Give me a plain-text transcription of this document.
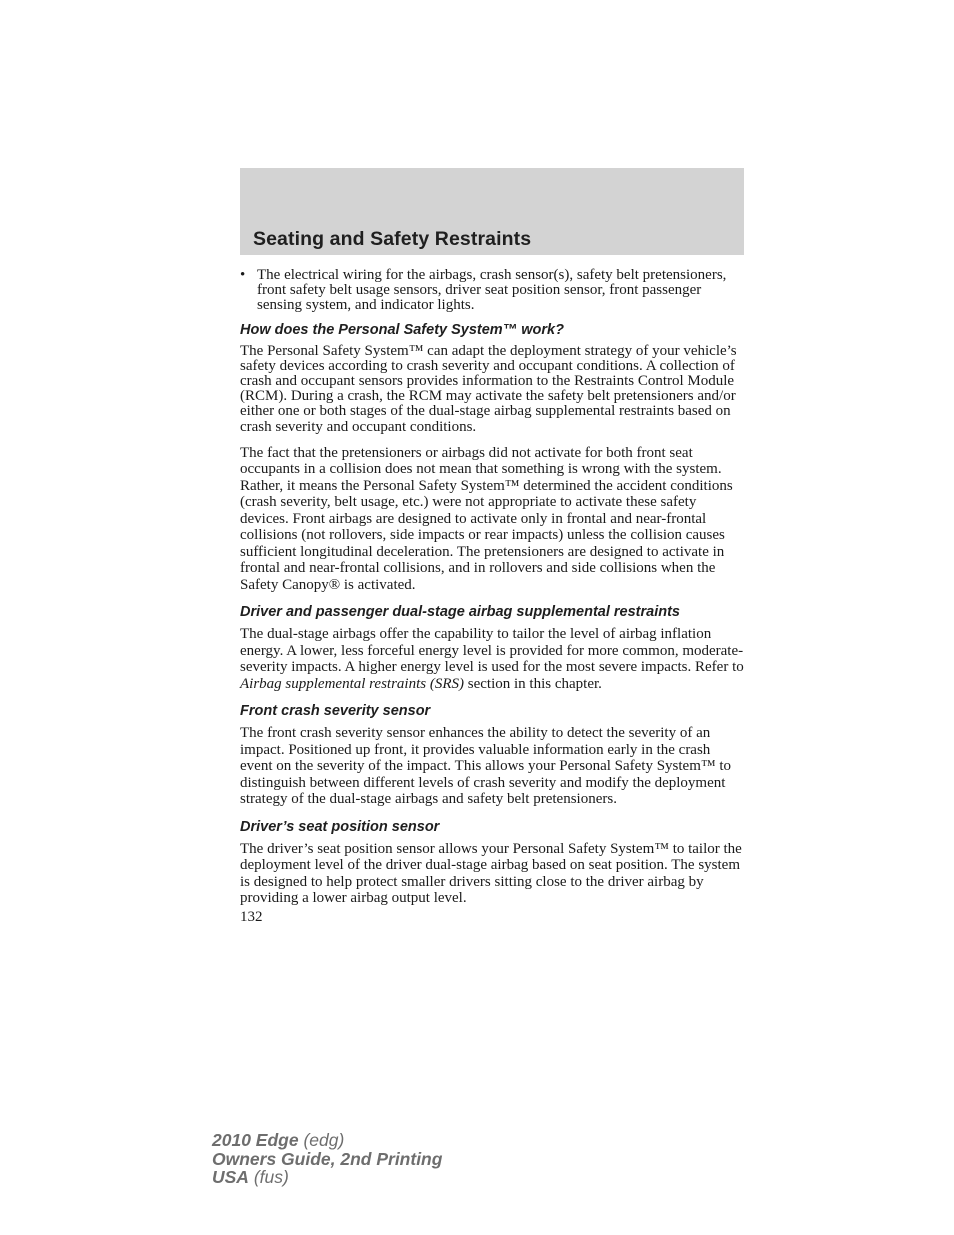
Seating and Safety Restraints
• The electrical wiring for the airbags, crash sensor(s), safety belt pretensioners, front safety belt usage sensors, driver seat position sensor, front passenger sensing system, and indicator lights.
How does the Personal Safety System™ work?

The Personal Safety System™ can adapt the deployment strategy of your vehicle’s safety devices according to crash severity and occupant conditions. A collection of crash and occupant sensors provides information to the Restraints Control Module (RCM). During a crash, the RCM may activate the safety belt pretensioners and/or either one or both stages of the dual-stage airbag supplemental restraints based on crash severity and occupant conditions.

The fact that the pretensioners or airbags did not activate for both front seat occupants in a collision does not mean that something is wrong with the system. Rather, it means the Personal Safety System™ determined the accident conditions (crash severity, belt usage, etc.) were not appropriate to activate these safety devices. Front airbags are designed to activate only in frontal and near-frontal collisions (not rollovers, side impacts or rear impacts) unless the collision causes sufficient longitudinal deceleration. The pretensioners are designed to activate in frontal and near-frontal collisions, and in rollovers and side collisions when the Safety Canopy® is activated.

Driver and passenger dual-stage airbag supplemental restraints

The dual-stage airbags offer the capability to tailor the level of airbag inflation energy. A lower, less forceful energy level is provided for more common, moderate-severity impacts. A higher energy level is used for the most severe impacts. Refer to Airbag supplemental restraints (SRS) section in this chapter.

Front crash severity sensor

The front crash severity sensor enhances the ability to detect the severity of an impact. Positioned up front, it provides valuable information early in the crash event on the severity of the impact. This allows your Personal Safety System™ to distinguish between different levels of crash severity and modify the deployment strategy of the dual-stage airbags and safety belt pretensioners.

Driver’s seat position sensor

The driver’s seat position sensor allows your Personal Safety System™ to tailor the deployment level of the driver dual-stage airbag based on seat position. The system is designed to help protect smaller drivers sitting close to the driver airbag by providing a lower airbag output level.

132
2010 Edge (edg)
Owners Guide, 2nd Printing
USA (fus)
